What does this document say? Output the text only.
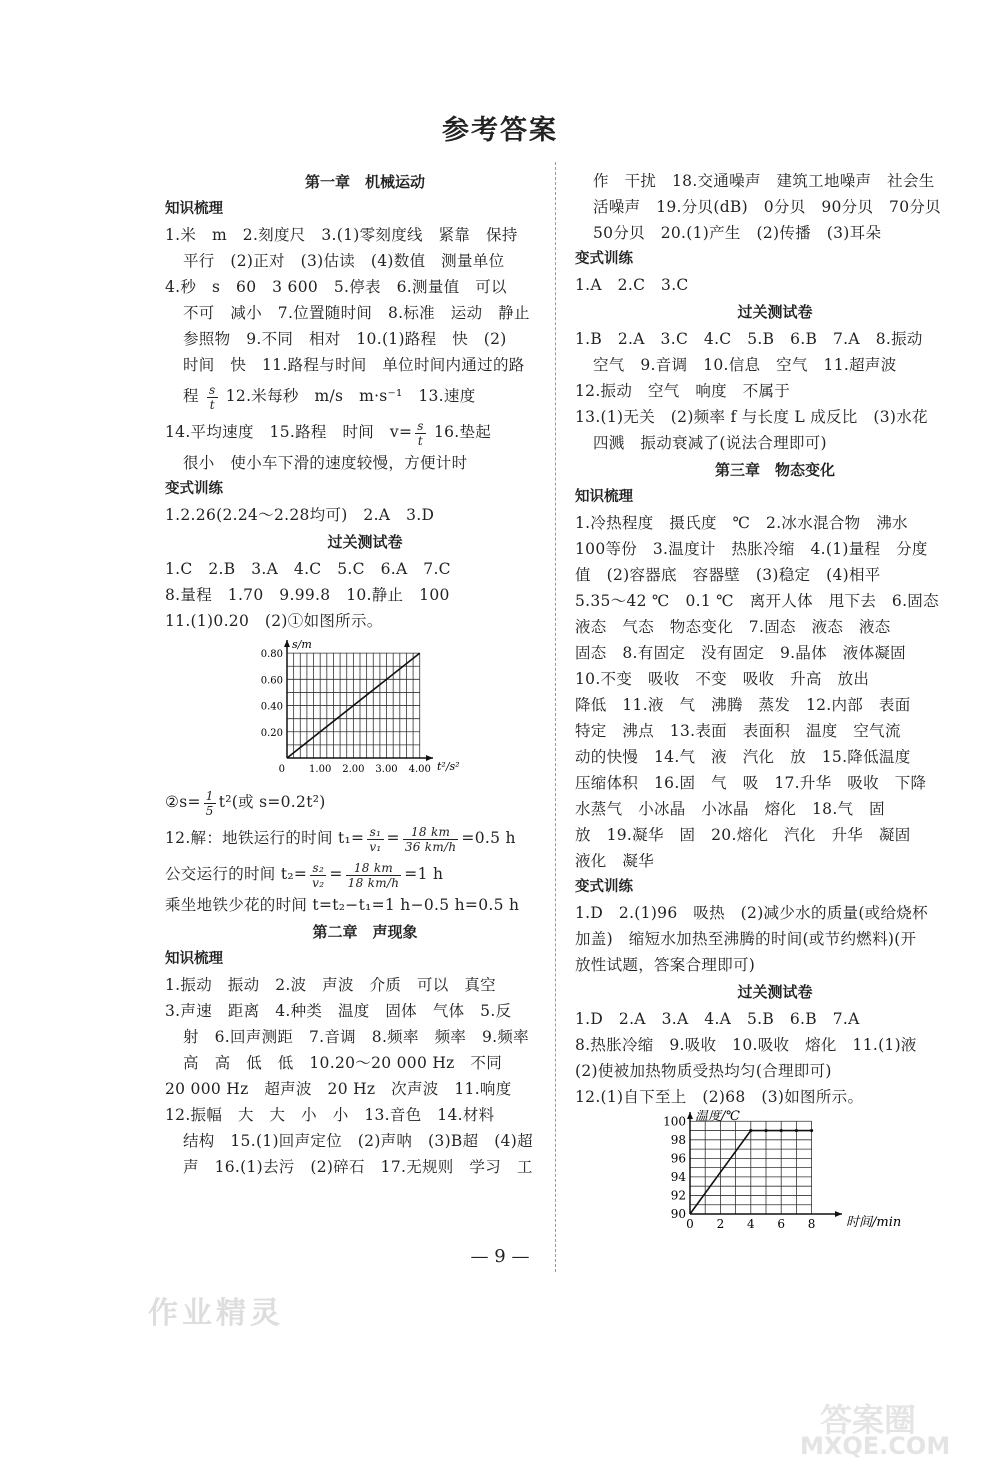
参考答案
第一章　机械运动
知识梳理
1.米　m　2.刻度尺　3.(1)零刻度线　紧靠　保持
平行　(2)正对　(3)估读　(4)数值　测量单位
4.秒　s　60　3 600　5.停表　6.测量值　可以
不可　减小　7.位置随时间　8.标准　运动　静止
参照物　9.不同　相对　10.(1)路程　快　(2)
时间　快　11.路程与时间　单位时间内通过的路
程 $\frac{s}{t} 12$.米每秒　m/s　m·s⁻¹　13.速度
14.平均速度　15.路程　时间　$v= \frac{s}{t} 16$.垫起
很小　使小车下滑的速度较慢，方便计时
变式训练
1.2.26(2.24～2.28均可)　2.A　3.D
过关测试卷
1.C　2.B　3.A　4.C　5.C　6.A　7.C
8.量程　1.70　9.99.8　10.静止　100
11.(1)0.20　(2)①如图所示。
1.00 2.00 3.00 4.00
0.20
0.40
0.60
0.80
0	t²/s²
s/m
②s= $\frac{1}{5} t^2$(或 s=0.2t²)
12.解：地铁运行的时间 $t_1= \frac{\text{s₁}}{\text{v₁}} = \frac{18 km}{36 km/h} =0.5$ h
公交运行的时间 $t_2= \frac{\text{s₂}}{\text{v₂}} = \frac{18 km}{18 km/h} =1$ h
乘坐地铁少花的时间 t=t₂−t₁=1 h−0.5 h=0.5 h
第二章　声现象
知识梳理
1.振动　振动　2.波　声波　介质　可以　真空
3.声速　距离　4.种类　温度　固体　气体　5.反
射　6.回声测距　7.音调　8.频率　频率　9.频率
高　高　低　低　10.20～20 000 Hz　不同
20 000 Hz　超声波　20 Hz　次声波　11.响度
12.振幅　大　大　小　小　13.音色　14.材料
结构　15.(1)回声定位　(2)声呐　(3)B超　(4)超
声　16.(1)去污　(2)碎石　17.无规则　学习　工
作　干扰　18.交通噪声　建筑工地噪声　社会生
活噪声　19.分贝(dB)　0分贝　90分贝　70分贝
50分贝　20.(1)产生　(2)传播　(3)耳朵
变式训练
1.A　2.C　3.C
过关测试卷
1.B　2.A　3.C　4.C　5.B　6.B　7.A　8.振动
空气　9.音调　10.信息　空气　11.超声波
12.振动　空气　响度　不属于
13.(1)无关　(2)频率 f 与长度 L 成反比　(3)水花
四溅　振动衰减了(说法合理即可)
第三章　物态变化
知识梳理
1.冷热程度　摄氏度　℃　2.冰水混合物　沸水
100等份　3.温度计　热胀冷缩　4.(1)量程　分度
值　(2)容器底　容器壁　(3)稳定　(4)相平
5.35～42 ℃　0.1 ℃　离开人体　甩下去　6.固态
液态　气态　物态变化　7.固态　液态　液态
固态　8.有固定　没有固定　9.晶体　液体凝固
10.不变　吸收　不变　吸收　升高　放出
降低　11.液　气　沸腾　蒸发　12.内部　表面
特定　沸点　13.表面　表面积　温度　空气流
动的快慢　14.气　液　汽化　放　15.降低温度
压缩体积　16.固　气　吸　17.升华　吸收　下降
水蒸气　小冰晶　小冰晶　熔化　18.气　固
放　19.凝华　固　20.熔化　汽化　升华　凝固
液化　凝华
变式训练
1.D　2.(1)96　吸热　(2)减少水的质量(或给烧杯
加盖)　缩短水加热至沸腾的时间(或节约燃料)(开
放性试题，答案合理即可)
过关测试卷
1.D　2.A　3.A　4.A　5.B　6.B　7.A
8.热胀冷缩　9.吸收　10.吸收　熔化　11.(1)液
(2)使被加热物质受热均匀(合理即可)
12.(1)自下至上　(2)68　(3)如图所示。
0 2 4 6 8
90
92
94
96
98
100
时间/min
温度/℃
— 9 —
作业精灵
答案圈
MXQE.COM
